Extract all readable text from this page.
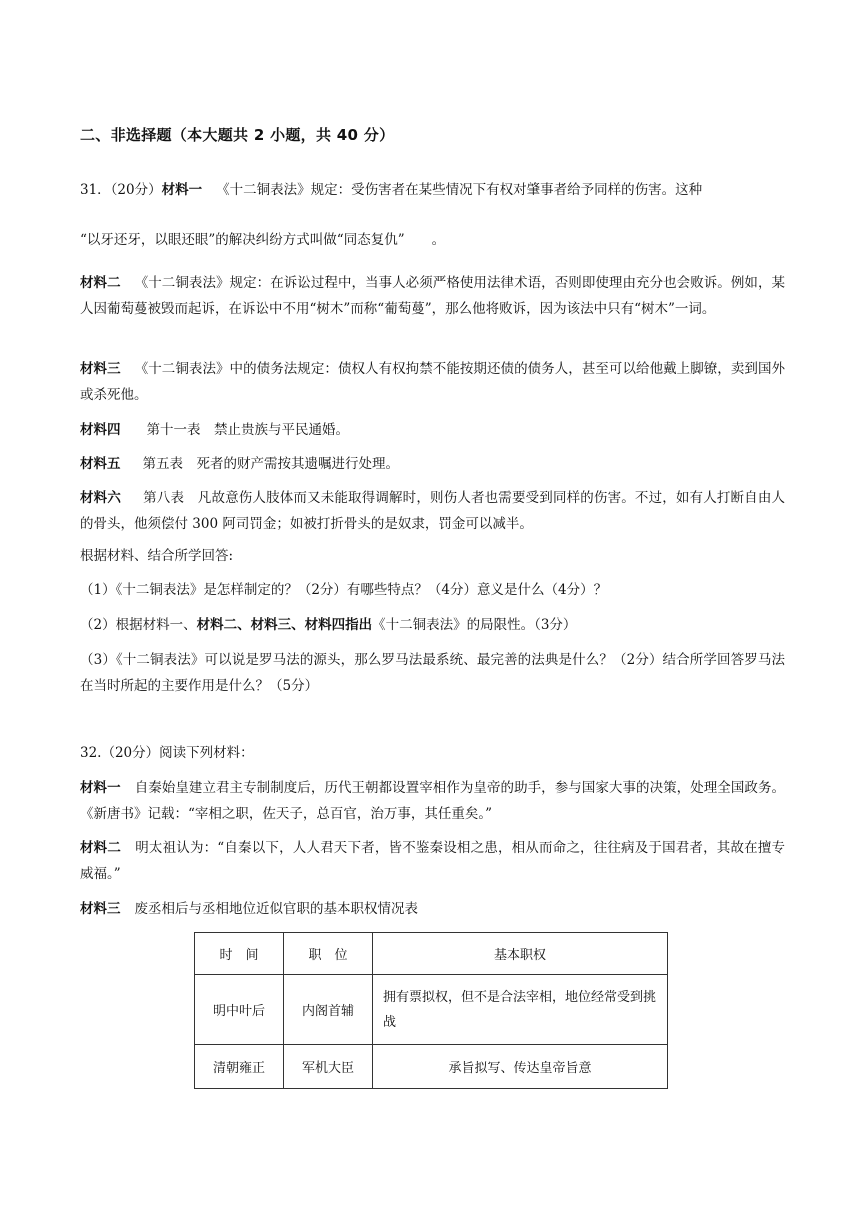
二、非选择题（本大题共 2 小题，共 40 分）
31．（20分）材料一 《十二铜表法》规定：受伤害者在某些情况下有权对肇事者给予同样的伤害。这种
“以牙还牙，以眼还眼”的解决纠纷方式叫做“同态复仇”　　。
材料二 《十二铜表法》规定：在诉讼过程中，当事人必须严格使用法律术语，否则即使理由充分也会败诉。例如，某人因葡萄蔓被毁而起诉，在诉讼中不用“树木”而称“葡萄蔓”，那么他将败诉，因为该法中只有“树木”一词。
材料三 《十二铜表法》中的债务法规定：债权人有权拘禁不能按期还债的债务人，甚至可以给他戴上脚镣，卖到国外或杀死他。
材料四 第十一表　禁止贵族与平民通婚。
材料五 第五表　死者的财产需按其遗嘱进行处理。
材料六 第八表　凡故意伤人肢体而又未能取得调解时，则伤人者也需要受到同样的伤害。不过，如有人打断自由人的骨头，他须偿付 300 阿司罚金；如被打折骨头的是奴隶，罚金可以减半。
根据材料、结合所学回答:
（1）《十二铜表法》是怎样制定的？（2分）有哪些特点？（4分）意义是什么（4分）？
（2）根据材料一、材料二、材料三、材料四指出《十二铜表法》的局限性。（3分）
（3）《十二铜表法》可以说是罗马法的源头，那么罗马法最系统、最完善的法典是什么？（2分）结合所学回答罗马法在当时所起的主要作用是什么？（5分）
32.（20分）阅读下列材料：
材料一 自秦始皇建立君主专制制度后，历代王朝都设置宰相作为皇帝的助手，参与国家大事的决策，处理全国政务。《新唐书》记载：“宰相之职，佐天子，总百官，治万事，其任重矣。”
材料二 明太祖认为：“自秦以下，人人君天下者，皆不鉴秦设相之患，相从而命之，往往病及于国君者，其故在擅专威福。”
材料三 废丞相后与丞相地位近似官职的基本职权情况表
时　间	职　位	基本职权
明中叶后	内阁首辅	拥有票拟权，但不是合法宰相，地位经常受到挑战
清朝雍正	军机大臣	承旨拟写、传达皇帝旨意
